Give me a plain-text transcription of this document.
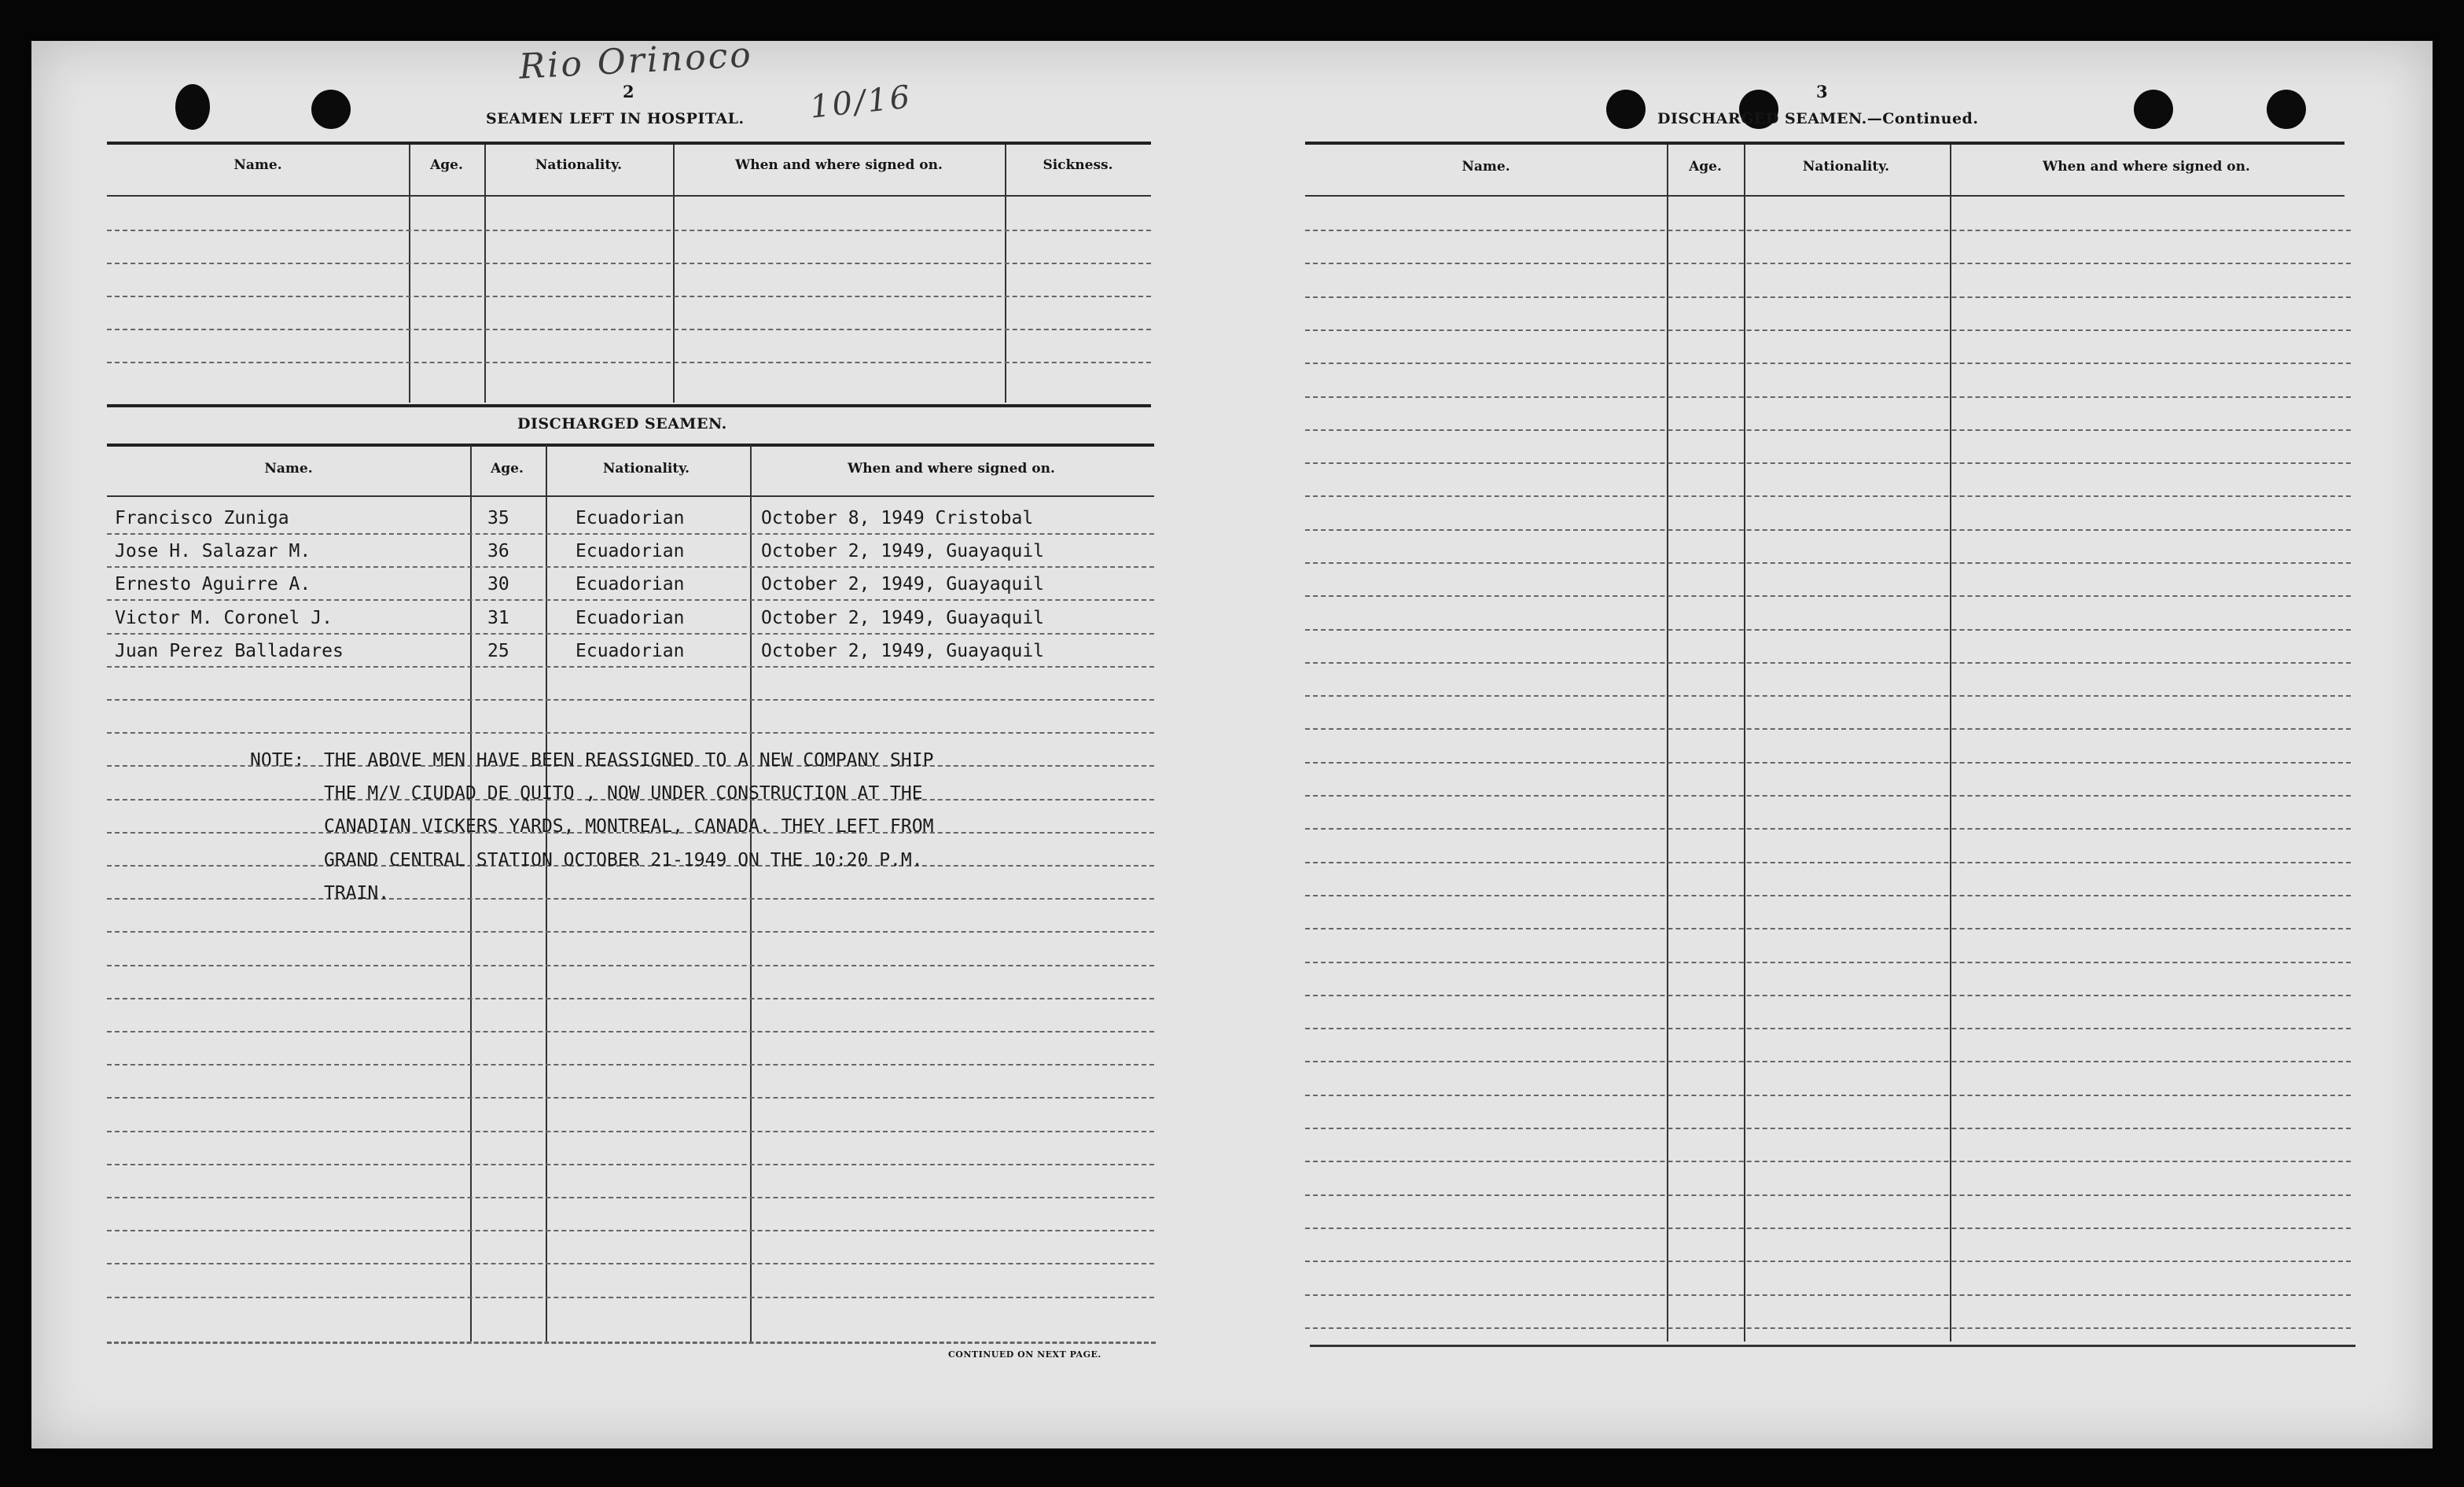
Rio Orinoco
10/16
2
SEAMEN LEFT IN HOSPITAL.
DISCHARGED SEAMEN.
NOTE:
CONTINUED ON NEXT PAGE.
3
DISCHARGED SEAMEN.—Continued.
Name.	Age.	Nationality.	When and where signed on.	Sickness.
Name.	Age.	Nationality.	When and where signed on.
Francisco Zuniga	35	Ecuadorian	October 8, 1949 Cristobal
Jose H. Salazar M.	36	Ecuadorian	October 2, 1949, Guayaquil
Ernesto Aguirre A.	30	Ecuadorian	October 2, 1949, Guayaquil
Victor M. Coronel J.	31	Ecuadorian	October 2, 1949, Guayaquil
Juan Perez Balladares	25	Ecuadorian	October 2, 1949, Guayaquil
THE ABOVE MEN HAVE BEEN REASSIGNED TO A NEW COMPANY SHIP
THE M/V CIUDAD DE QUITO , NOW UNDER CONSTRUCTION AT THE
CANADIAN VICKERS YARDS, MONTREAL, CANADA. THEY LEFT FROM
GRAND CENTRAL STATION OCTOBER 21-1949 ON THE 10:20 P.M.
TRAIN.
Name.	Age.	Nationality.	When and where signed on.
